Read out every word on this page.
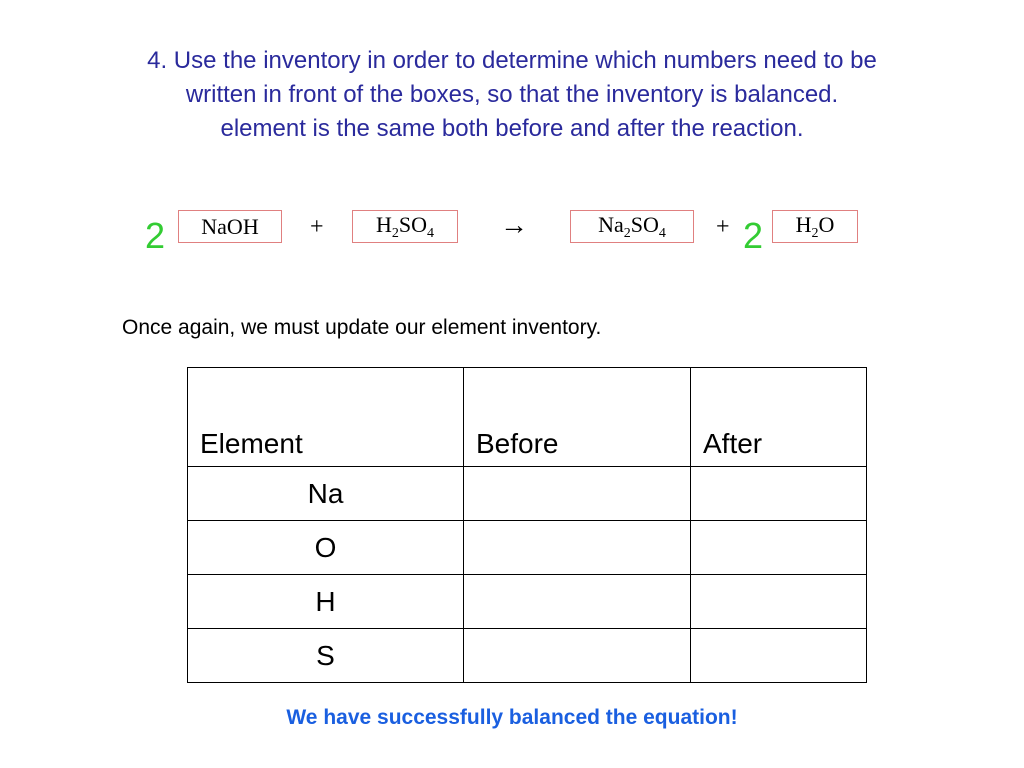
4. Use the inventory in order to determine which numbers need to be
written in front of the boxes, so that the inventory is balanced.
element is the same both before and after the reaction.
2 NaOH + $H_2SO_4$ →	$Na_2SO_4 + 2$ $H_2O$
Once again, we must update our element inventory.
Element	Before	After
Na		
O		
H		
S		
We have successfully balanced the equation!
